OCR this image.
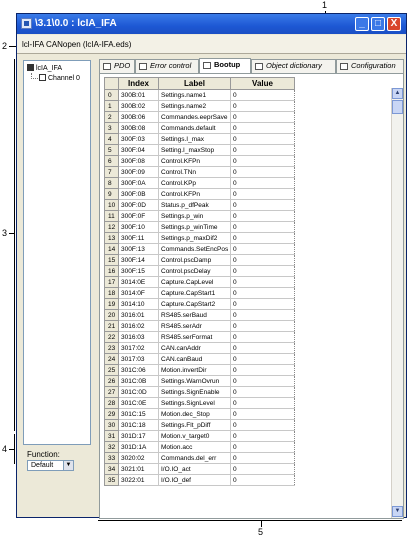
1
2
3
4
5
\3.1\0.0 : lcIA_IFA	_	□ X
lcl-IFA CANopen (lcIA-IFA.eds)
lcIA_IFA
Channel 0
Function:
Default	▼
PDO	Error control	Bootup	Object dictionary	Configuration
	Index	Label	Value
0	300B:01	Settings.name1	0
1	300B:02	Settings.name2	0
2	300B:06	Commandes.eeprSave	0
3	300B:08	Commands.default	0
4	300F:03	Settings.I_max	0
5	300F:04	Setting.I_maxStop	0
6	300F:08	Control.KFPn	0
7	300F:09	Control.TNn	0
8	300F:0A	Control.KPp	0
9	300F:0B	Control.KFPn	0
10	300F:0D	Status.p_dfPeak	0
11	300F:0F	Settings.p_win	0
12	300F:10	Settings.p_winTime	0
13	300F:11	Settings.p_maxDif2	0
14	300F:13	Commands.SetEncPos	0
15	300F:14	Control.pscDamp	0
16	300F:15	Control.pscDelay	0
17	3014:0E	Capture.CapLevel	0
18	3014:0F	Capture.CapStart1	0
19	3014:10	Capture.CapStart2	0
20	3016:01	RS485.serBaud	0
21	3016:02	RS485.serAdr	0
22	3016:03	RS485.serFormat	0
23	3017:02	CAN.canAddr	0
24	3017:03	CAN.canBaud	0
25	301C:06	Motion.invertDir	0
26	301C:0B	Settings.WarnOvrun	0
27	301C:0D	Settings.SignEnable	0
28	301C:0E	Settings.SignLevel	0
29	301C:15	Motion.dec_Stop	0
30	301C:18	Settings.Flt_pDiff	0
31	301D:17	Motion.v_target0	0
32	301D:1A	Motion.acc	0
33	3020:02	Commands.del_err	0
34	3021:01	I/O.IO_act	0
35	3022:01	I/O.IO_def	0
▲
▼
